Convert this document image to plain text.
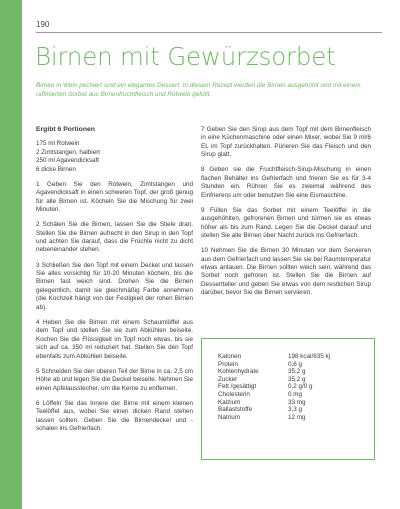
190
Birnen mit Gewürzsorbet

Birnen in Wein pochiert sind ein elegantes Dessert. In diesem Rezept werden die Birnen ausgehöhlt und mit einem raffinierten Sorbet aus Birnenfruchtfleisch und Rotwein gefüllt.

Ergibt 6 Portionen

175 ml Rotwein
2 Zimtstangen, halbiert
250 ml Agavendicksaft
6 dicke Birnen

1 Geben Sie den Rotwein, Zimtstangen und Agavendicksaft in einen schweren Topf, der groß genug für alle Birnen ist. Köcheln Sie die Mischung für zwei Minuten.

2 Schälen Sie die Birnen, lassen Sie die Stiele dran. Stellen Sie die Birnen aufrecht in den Sirup in den Topf und achten Sie darauf, dass die Früchte nicht zu dicht nebeneinander stehen.

3 Schließen Sie den Topf mit einem Deckel und lassen Sie alles vorsichtig für 10-20 Minuten köcheln, bis die Birnen fast weich sind. Drehen Sie die Birnen gelegentlich, damit sie gleichmäßig Farbe annehmen (die Kochzeit hängt von der Festigkeit der rohen Birnen ab).

4 Heben Sie die Birnen mit einem Schaumlöffel aus dem Topf und stellen Sie sie zum Abkühlen beiseite. Kochen Sie die Flüssigkeit im Topf noch etwas, bis sie sich auf ca. 350 ml reduziert hat. Stellen Sie den Topf ebenfalls zum Abkühlen beiseite.

5 Schneiden Sie den oberen Teil der Birne in ca. 2,5 cm Höhe ab und legen Sie die Deckel beiseite. Nehmen Sie einen Apfelausstecher, um die Kerne zu entfernen.

6 Löffeln Sie das Innere der Birne mit einem kleinen Teelöffel aus, wobei Sie einen dicken Rand stehen lassen sollten. Geben Sie die Birnendeckel und -schalen ins Gefrierfach.

7 Geben Sie den Sirup aus dem Topf mit dem Birnenfleisch in eine Küchenmaschine oder einen Mixer, wobei Sie 9 ml/6 EL im Topf zurückhalten. Pürieren Sie das Fleisch und den Sirup glatt.

8 Geben sie die Fruchtfleisch-Sirup-Mischung in einen flachen Behälter ins Gefrierfach und frieren Sie es für 3-4 Stunden ein. Rühren Sie es zweimal während des Einfrierens um oder benutzen Sie eine Eismaschine.

9 Füllen Sie das Sorbet mit einem Teelöffel in die ausgehöhlten, gefrorenen Birnen und türmen sie es etwas höher als bis zum Rand. Legen Sie die Deckel darauf und stellen Sie alle Birnen über Nacht zurück ins Gefrierfach.

10 Nehmen Sie die Birnen 30 Minuten vor dem Servieren aus dem Gefrierfach und lassen Sie sie bei Raumtemperatur etwas antauen. Die Birnen sollten weich sein, während das Sorbet noch gefroren ist. Stellen Sie die Birnen auf Dessertteller und geben Sie etwas von dem restlichen Sirup darüber, bevor Sie die Birnen servieren.

Kalorien	198 kcal/835 kj
Protein	0,6 g
Kohlenhydrate	35,2 g
Zucker	35,2 g
Fett /gesättigt	0,2 g/0 g
Cholesterin	0 mg
Kalzium	33 mg
Ballaststoffe	3,3 g
Natrium	12 mg
